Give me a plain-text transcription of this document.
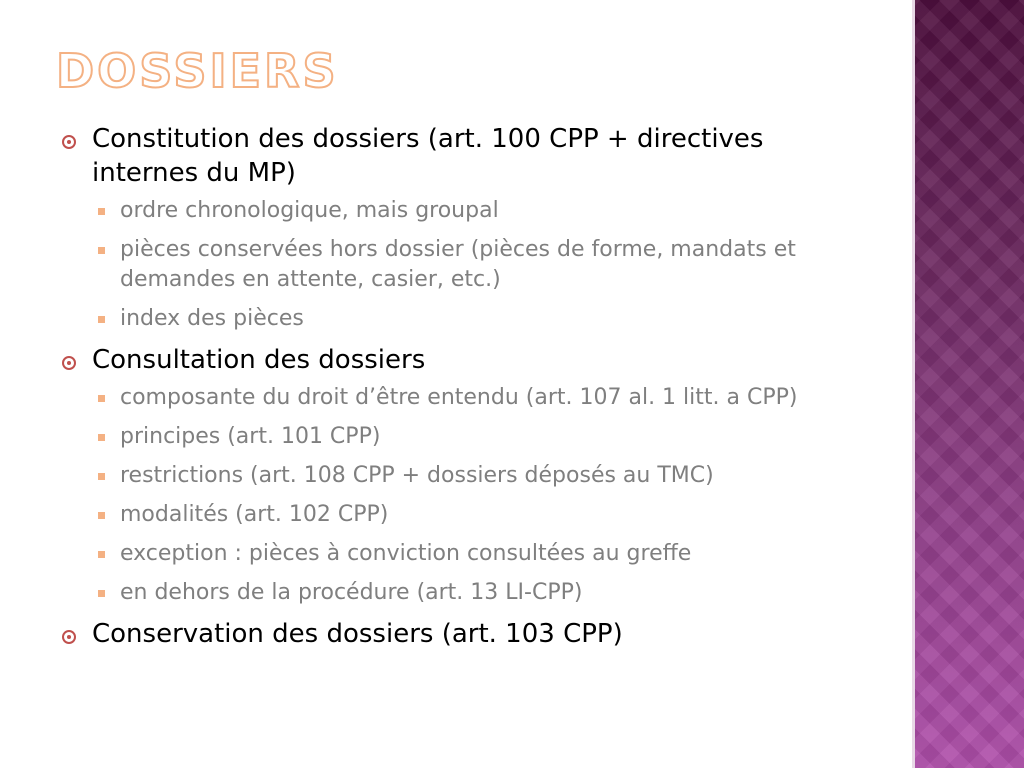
DOSSIERS
Constitution des dossiers (art. 100 CPP + directives internes du MP)
ordre chronologique, mais groupal
pièces conservées hors dossier (pièces de forme, mandats et demandes en attente, casier, etc.)
index des pièces
Consultation des dossiers
composante du droit d’être entendu (art. 107 al. 1 litt. a CPP)
principes (art. 101 CPP)
restrictions (art. 108 CPP + dossiers déposés au TMC)
modalités (art. 102 CPP)
exception : pièces à conviction consultées au greffe
en dehors de la procédure (art. 13 LI-CPP)
Conservation des dossiers (art. 103 CPP)
